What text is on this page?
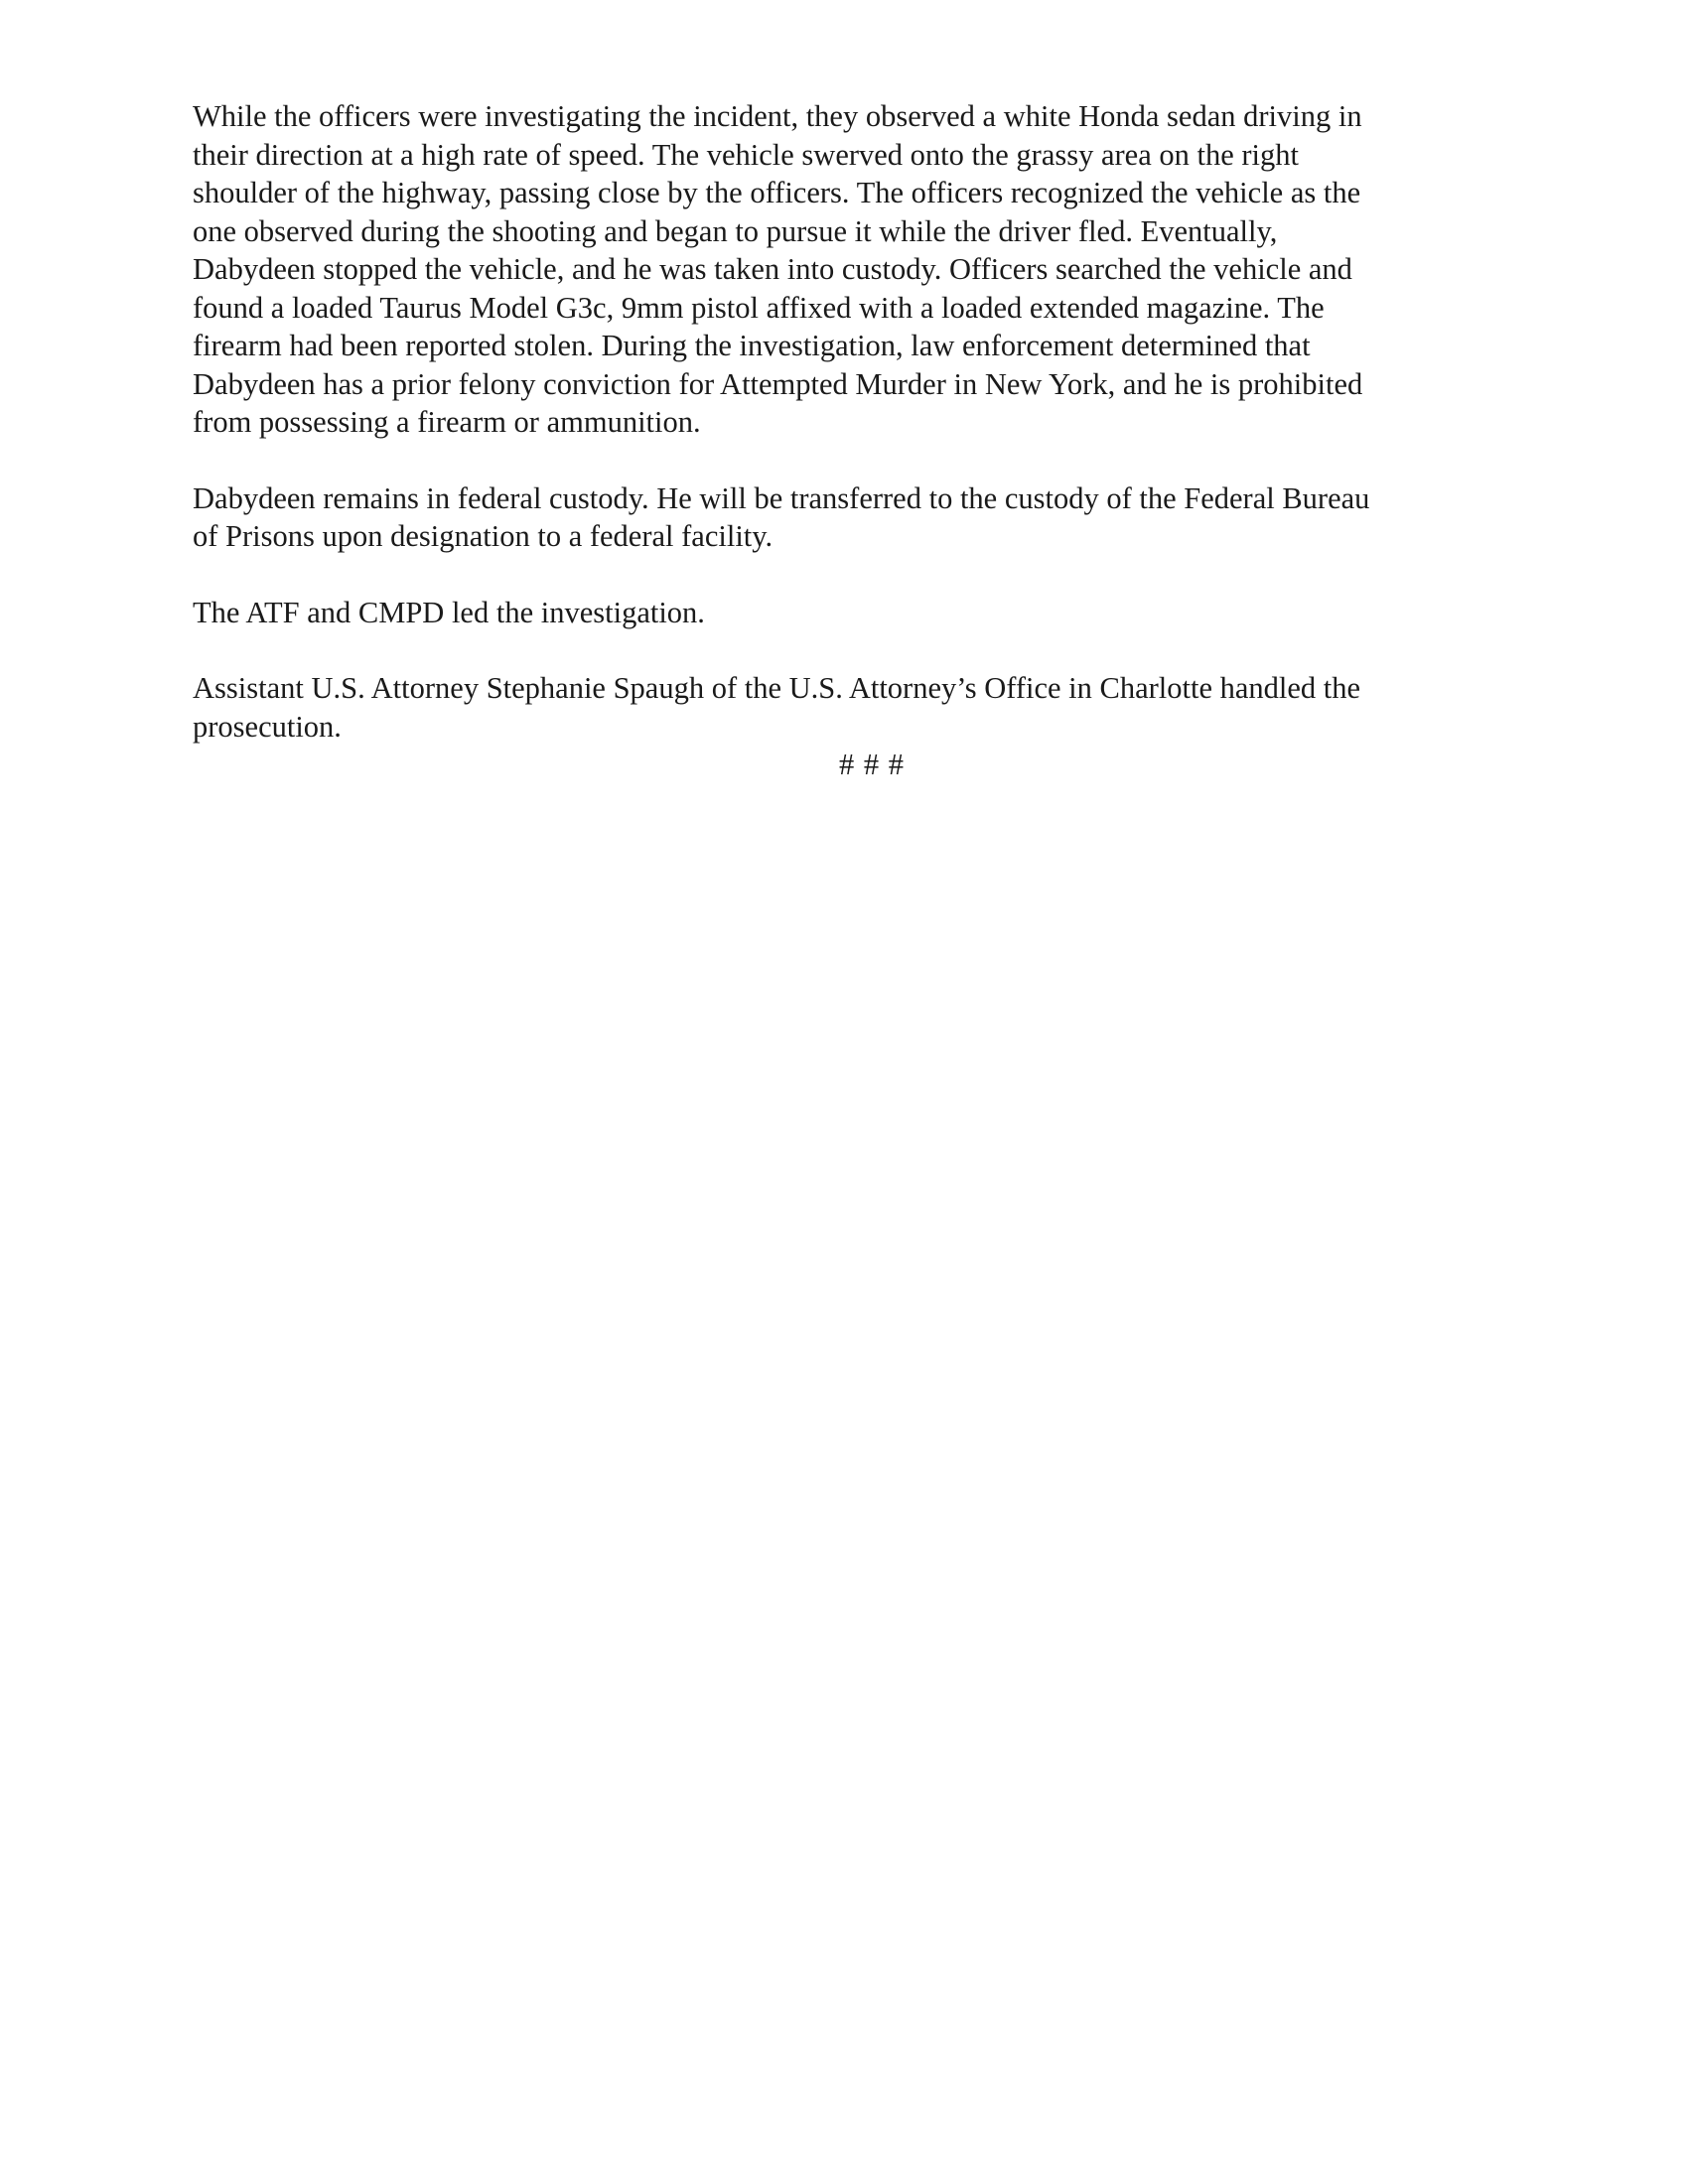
While the officers were investigating the incident, they observed a white Honda sedan driving in
their direction at a high rate of speed. The vehicle swerved onto the grassy area on the right
shoulder of the highway, passing close by the officers. The officers recognized the vehicle as the
one observed during the shooting and began to pursue it while the driver fled. Eventually,
Dabydeen stopped the vehicle, and he was taken into custody. Officers searched the vehicle and
found a loaded Taurus Model G3c, 9mm pistol affixed with a loaded extended magazine. The
firearm had been reported stolen. During the investigation, law enforcement determined that
Dabydeen has a prior felony conviction for Attempted Murder in New York, and he is prohibited
from possessing a firearm or ammunition.

Dabydeen remains in federal custody. He will be transferred to the custody of the Federal Bureau
of Prisons upon designation to a federal facility.

The ATF and CMPD led the investigation.

Assistant U.S. Attorney Stephanie Spaugh of the U.S. Attorney’s Office in Charlotte handled the
prosecution.

# # #
